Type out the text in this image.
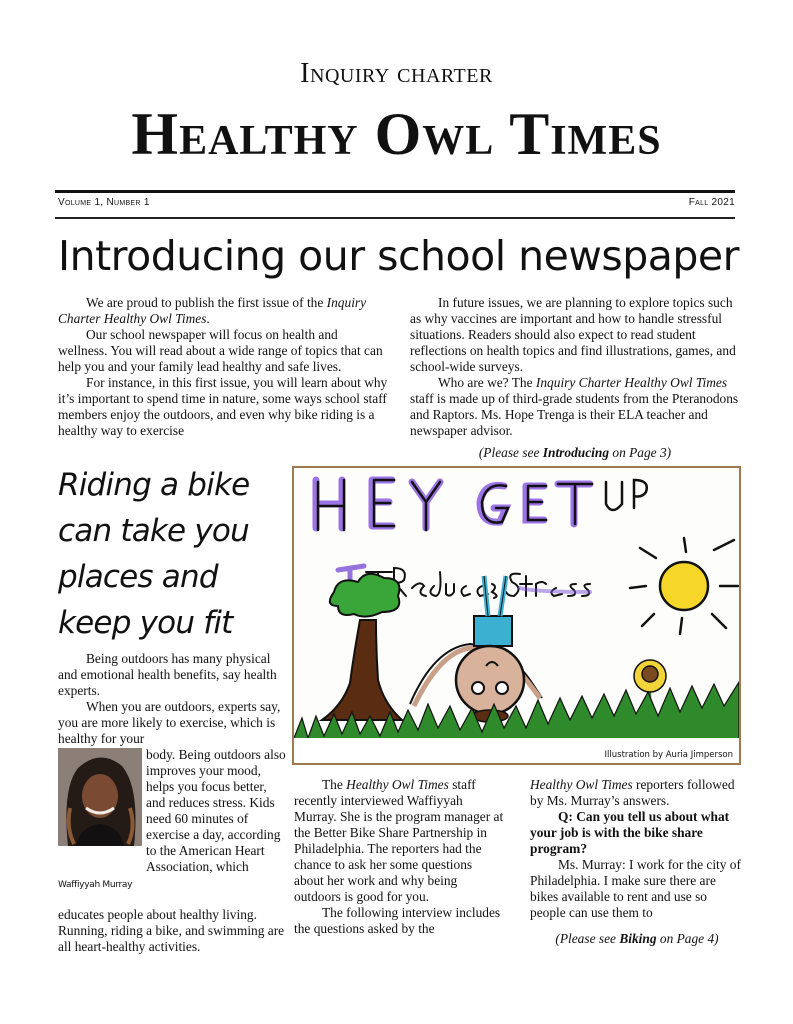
Inquiry charter
Healthy Owl Times
Volume 1, Number 1	Fall 2021
Introducing our school newspaper

We are proud to publish the first issue of the Inquiry Charter Healthy Owl Times.

Our school newspaper will focus on health and wellness. You will read about a wide range of topics that can help you and your family lead healthy and safe lives.

For instance, in this first issue, you will learn about why it’s important to spend time in nature, some ways school staff members enjoy the outdoors, and even why bike riding is a healthy way to exercise

In future issues, we are planning to explore topics such as why vaccines are important and how to handle stressful situations. Readers should also expect to read student reflections on health topics and find illustrations, games, and school-wide surveys.

Who are we? The Inquiry Charter Healthy Owl Times staff is made up of third-grade students from the Pteranodons and Raptors. Ms. Hope Trenga is their ELA teacher and newspaper advisor.

(Please see Introducing on Page 3)

Riding a bike can take you places and keep you fit
Illustration by Auria Jimperson

Being outdoors has many physical and emotional health benefits, say health experts.

When you are outdoors, experts say, you are more likely to exercise, which is healthy for your

Waffiyyah Murray
body. Being outdoors also improves your mood, helps you focus better, and reduces stress. Kids need 60 minutes of exercise a day, according to the American Heart Association, which
educates people about healthy living. Running, riding a bike, and swimming are all heart-healthy activities.

The Healthy Owl Times staff recently interviewed Waffiyyah Murray. She is the program manager at the Better Bike Share Partnership in Philadelphia. The reporters had the chance to ask her some questions about her work and why being outdoors is good for you.

The following interview includes the questions asked by the

Healthy Owl Times reporters followed by Ms. Murray’s answers.

Q: Can you tell us about what your job is with the bike share program?

Ms. Murray: I work for the city of Philadelphia. I make sure there are bikes available to rent and use so people can use them to

(Please see Biking on Page 4)
